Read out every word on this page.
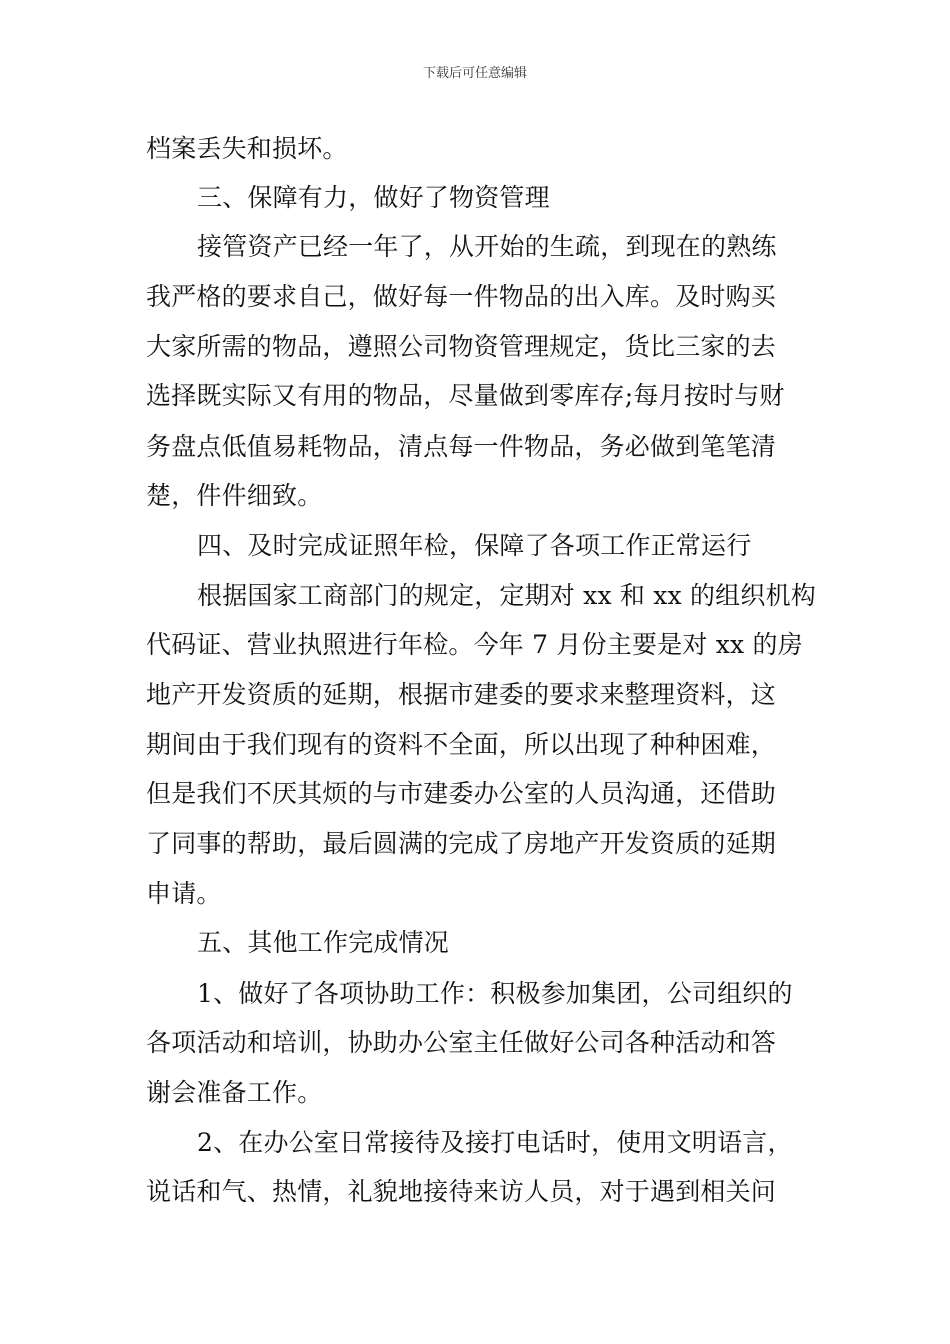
下载后可任意编辑
档案丢失和损坏。
三、保障有力，做好了物资管理
接管资产已经一年了，从开始的生疏，到现在的熟练
我严格的要求自己，做好每一件物品的出入库。及时购买
大家所需的物品，遵照公司物资管理规定，货比三家的去
选择既实际又有用的物品，尽量做到零库存;每月按时与财
务盘点低值易耗物品，清点每一件物品，务必做到笔笔清
楚，件件细致。
四、及时完成证照年检，保障了各项工作正常运行
根据国家工商部门的规定，定期对 xx 和 xx 的组织机构
代码证、营业执照进行年检。今年 7 月份主要是对 xx 的房
地产开发资质的延期，根据市建委的要求来整理资料，这
期间由于我们现有的资料不全面，所以出现了种种困难，
但是我们不厌其烦的与市建委办公室的人员沟通，还借助
了同事的帮助，最后圆满的完成了房地产开发资质的延期
申请。
五、其他工作完成情况
1、做好了各项协助工作：积极参加集团，公司组织的
各项活动和培训，协助办公室主任做好公司各种活动和答
谢会准备工作。
2、在办公室日常接待及接打电话时，使用文明语言，
说话和气、热情，礼貌地接待来访人员，对于遇到相关问
